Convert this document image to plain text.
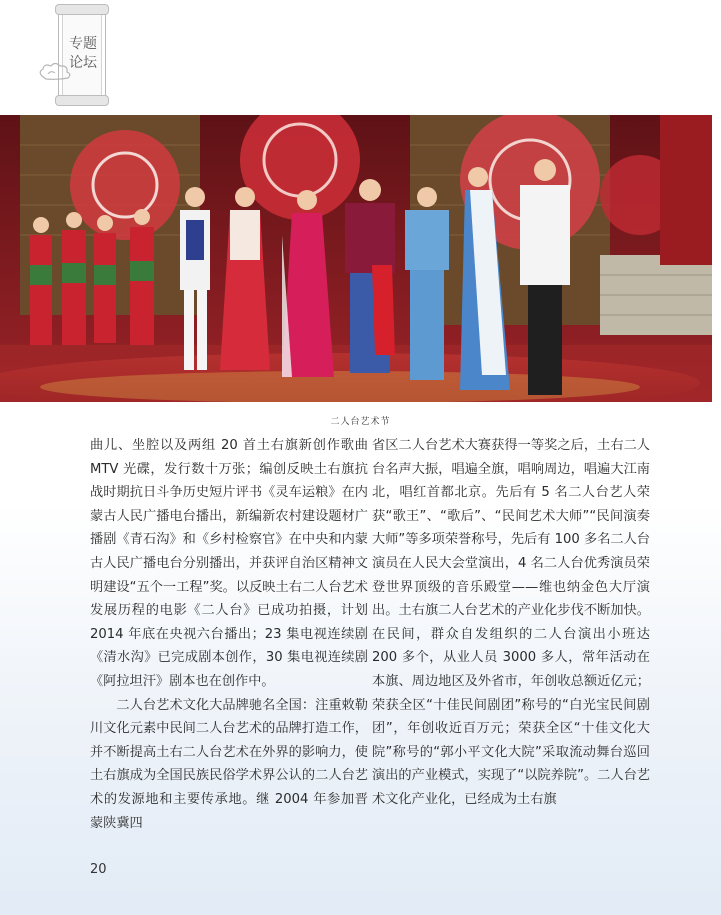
专题
论坛
二人台艺术节

曲儿、坐腔以及两组 20 首土右旗新创作歌曲 MTV 光碟，发行数十万张；编创反映土右旗抗战时期抗日斗争历史短片评书《灵车运粮》在内蒙古人民广播电台播出，新编新农村建设题材广播剧《青石沟》和《乡村检察官》在中央和内蒙古人民广播电台分别播出，并获评自治区精神文明建设“五个一工程”奖。以反映土右二人台艺术发展历程的电影《二人台》已成功拍摄，计划 2014 年底在央视六台播出；23 集电视连续剧《清水沟》已完成剧本创作，30 集电视连续剧《阿拉坦汗》剧本也在创作中。

二人台艺术文化大品牌驰名全国：注重敕勒川文化元素中民间二人台艺术的品牌打造工作，并不断提高土右二人台艺术在外界的影响力，使土右旗成为全国民族民俗学术界公认的二人台艺术的发源地和主要传承地。继 2004 年参加晋蒙陕冀四

省区二人台艺术大赛获得一等奖之后，土右二人台名声大振，唱遍全旗，唱响周边，唱遍大江南北，唱红首都北京。先后有 5 名二人台艺人荣获“歌王”、“歌后”、“民间艺术大师”“民间演奏大师”等多项荣誉称号，先后有 100 多名二人台演员在人民大会堂演出，4 名二人台优秀演员荣登世界顶级的音乐殿堂——维也纳金色大厅演出。土右旗二人台艺术的产业化步伐不断加快。在民间，群众自发组织的二人台演出小班达 200 多个，从业人员 3000 多人，常年活动在本旗、周边地区及外省市，年创收总额近亿元；荣获全区“十佳民间剧团”称号的“白光宝民间剧团”，年创收近百万元；荣获全区“十佳文化大院”称号的“郭小平文化大院”采取流动舞台巡回演出的产业模式，实现了“以院养院”。二人台艺术文化产业化，已经成为土右旗

20
